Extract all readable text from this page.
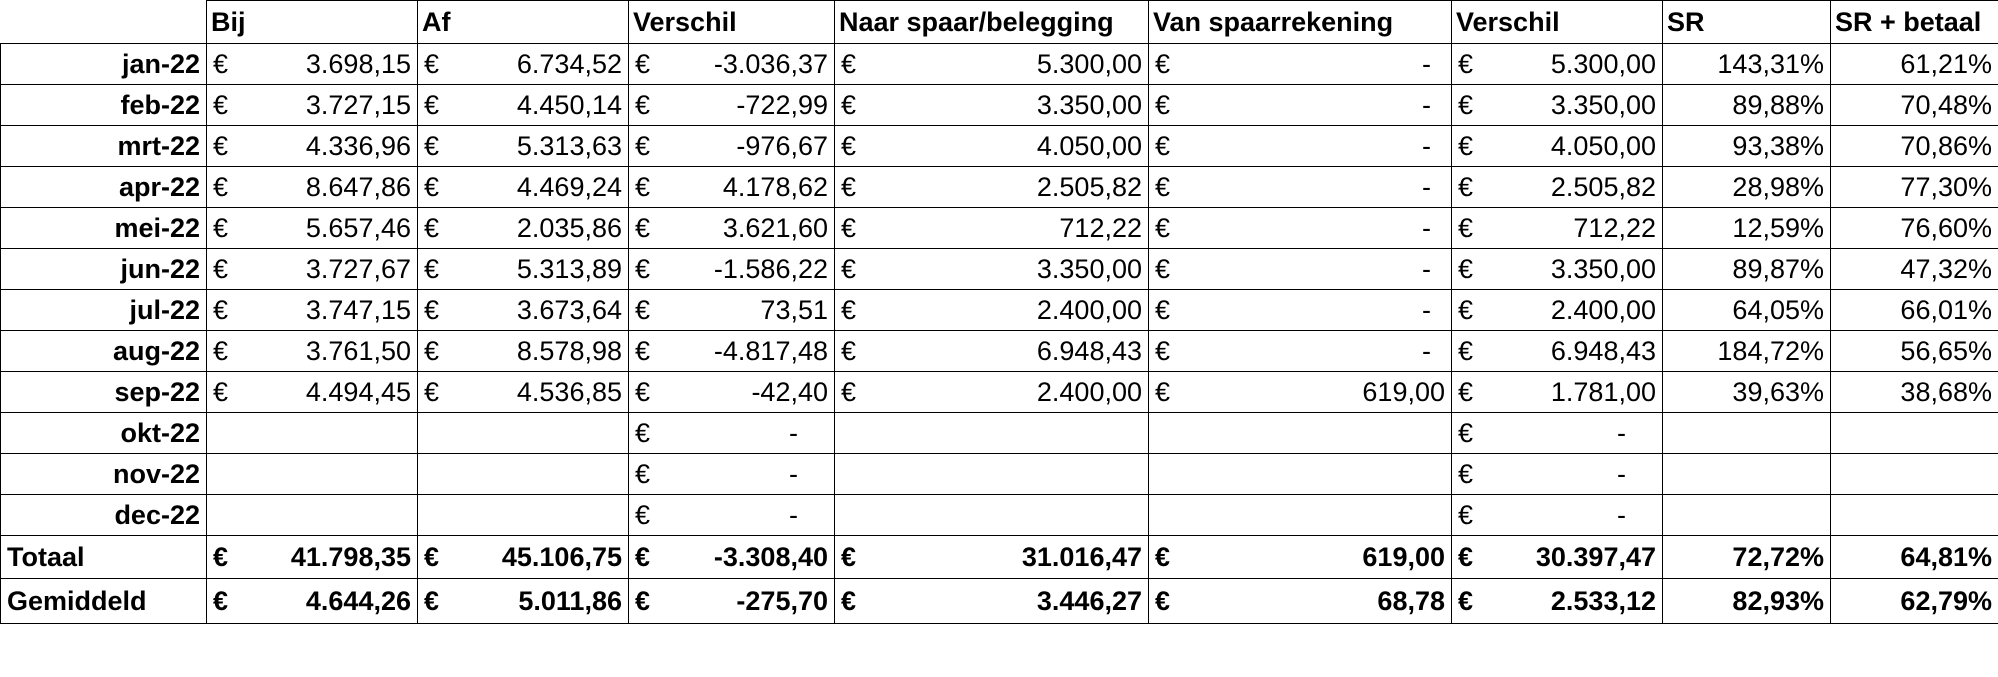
	Bij	Af	Verschil	Naar spaar/belegging	Van spaarrekening	Verschil	SR	SR + betaal
jan-22	€ 3.698,15	€ 6.734,52	€ -3.036,37	€ 5.300,00	€ -	€ 5.300,00	143,31%	61,21%
feb-22	€ 3.727,15	€ 4.450,14	€ -722,99	€ 3.350,00	€ -	€ 3.350,00	89,88%	70,48%
mrt-22	€ 4.336,96	€ 5.313,63	€ -976,67	€ 4.050,00	€ -	€ 4.050,00	93,38%	70,86%
apr-22	€ 8.647,86	€ 4.469,24	€ 4.178,62	€ 2.505,82	€ -	€ 2.505,82	28,98%	77,30%
mei-22	€ 5.657,46	€ 2.035,86	€ 3.621,60	€ 712,22	€ -	€ 712,22	12,59%	76,60%
jun-22	€ 3.727,67	€ 5.313,89	€ -1.586,22	€ 3.350,00	€ -	€ 3.350,00	89,87%	47,32%
jul-22	€ 3.747,15	€ 3.673,64	€ 73,51	€ 2.400,00	€ -	€ 2.400,00	64,05%	66,01%
aug-22	€ 3.761,50	€ 8.578,98	€ -4.817,48	€ 6.948,43	€ -	€ 6.948,43	184,72%	56,65%
sep-22	€ 4.494,45	€ 4.536,85	€ -42,40	€ 2.400,00	€ 619,00	€ 1.781,00	39,63%	38,68%
okt-22			€ -			€ -		

nov-22			€ -			€ -		

dec-22			€ -			€ -		

Totaal	€ 41.798,35	€ 45.106,75	€ -3.308,40	€ 31.016,47	€ 619,00	€ 30.397,47	72,72%	64,81%
Gemiddeld	€ 4.644,26	€ 5.011,86	€ -275,70	€ 3.446,27	€ 68,78	€ 2.533,12	82,93%	62,79%
